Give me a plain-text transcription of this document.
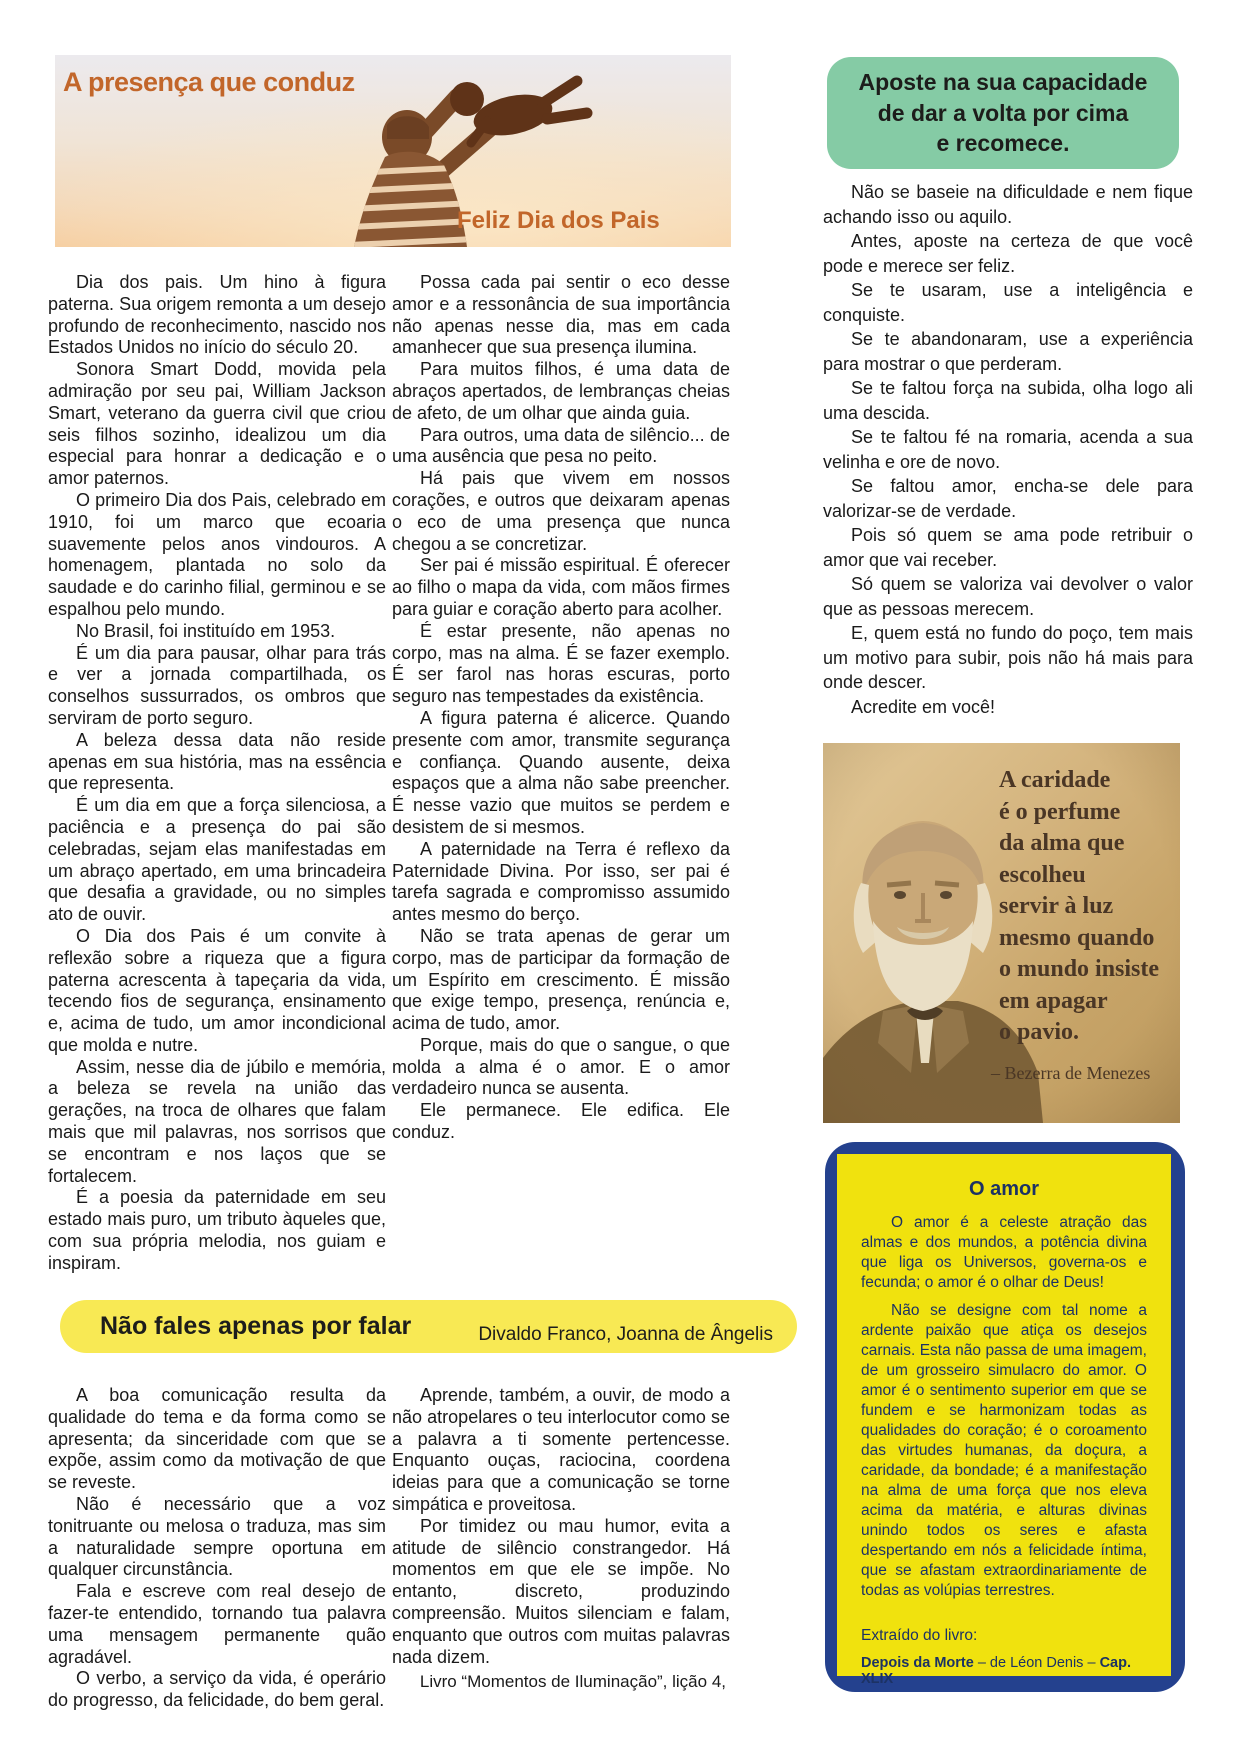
A presença que conduz
Feliz Dia dos Pais

Dia dos pais. Um hino à figura paterna. Sua origem remonta a um desejo profundo de reconhecimento, nascido nos Estados Unidos no início do século 20.

Sonora Smart Dodd, movida pela admiração por seu pai, William Jackson Smart, veterano da guerra civil que criou seis filhos sozinho, idealizou um dia especial para honrar a dedicação e o amor paternos.

O primeiro Dia dos Pais, celebrado em 1910, foi um marco que ecoaria suavemente pelos anos vindouros. A homenagem, plantada no solo da saudade e do carinho filial, germinou e se espalhou pelo mundo.

No Brasil, foi instituído em 1953.

É um dia para pausar, olhar para trás e ver a jornada compartilhada, os conselhos sussurrados, os ombros que serviram de porto seguro.

A beleza dessa data não reside apenas em sua história, mas na essência que representa.

É um dia em que a força silenciosa, a paciência e a presença do pai são celebradas, sejam elas manifestadas em um abraço apertado, em uma brincadeira que desafia a gravidade, ou no simples ato de ouvir.

O Dia dos Pais é um convite à reflexão sobre a riqueza que a figura paterna acrescenta à tapeçaria da vida, tecendo fios de segurança, ensinamento e, acima de tudo, um amor incondicional que molda e nutre.

Assim, nesse dia de júbilo e memória, a beleza se revela na união das gerações, na troca de olhares que falam mais que mil palavras, nos sorrisos que se encontram e nos laços que se fortalecem.

É a poesia da paternidade em seu estado mais puro, um tributo àqueles que, com sua própria melodia, nos guiam e inspiram.

Possa cada pai sentir o eco desse amor e a ressonância de sua importância não apenas nesse dia, mas em cada amanhecer que sua presença ilumina.

Para muitos filhos, é uma data de abraços apertados, de lembranças cheias de afeto, de um olhar que ainda guia.

Para outros, uma data de silêncio... de uma ausência que pesa no peito.

Há pais que vivem em nossos corações, e outros que deixaram apenas o eco de uma presença que nunca chegou a se concretizar.

Ser pai é missão espiritual. É oferecer ao filho o mapa da vida, com mãos firmes para guiar e coração aberto para acolher.

É estar presente, não apenas no corpo, mas na alma. É se fazer exemplo. É ser farol nas horas escuras, porto seguro nas tempestades da existência.

A figura paterna é alicerce. Quando presente com amor, transmite segurança e confiança. Quando ausente, deixa espaços que a alma não sabe preencher. É nesse vazio que muitos se perdem e desistem de si mesmos.

A paternidade na Terra é reflexo da Paternidade Divina. Por isso, ser pai é tarefa sagrada e compromisso assumido antes mesmo do berço.

Não se trata apenas de gerar um corpo, mas de participar da formação de um Espírito em crescimento. É missão que exige tempo, presença, renúncia e, acima de tudo, amor.

Porque, mais do que o sangue, o que molda a alma é o amor. E o amor verdadeiro nunca se ausenta.

Ele permanece. Ele edifica. Ele conduz.

Aposte na sua capacidade
de dar a volta por cima
e recomece.

Não se baseie na dificuldade e nem fique achando isso ou aquilo.

Antes, aposte na certeza de que você pode e merece ser feliz.

Se te usaram, use a inteligência e conquiste.

Se te abandonaram, use a experiência para mostrar o que perderam.

Se te faltou força na subida, olha logo ali uma descida.

Se te faltou fé na romaria, acenda a sua velinha e ore de novo.

Se faltou amor, encha-se dele para valorizar-se de verdade.

Pois só quem se ama pode retribuir o amor que vai receber.

Só quem se valoriza vai devolver o valor que as pessoas merecem.

E, quem está no fundo do poço, tem mais um motivo para subir, pois não há mais para onde descer.

Acredite em você!

A caridade
é o perfume
da alma que
escolheu
servir à luz
mesmo quando
o mundo insiste
em apagar
o pavio.
– Bezerra de Menezes

O amor

O amor é a celeste atração das almas e dos mundos, a potência divina que liga os Universos, governa-os e fecunda; o amor é o olhar de Deus!

Não se designe com tal nome a ardente paixão que atiça os desejos carnais. Esta não passa de uma imagem, de um grosseiro simulacro do amor. O amor é o sentimento superior em que se fundem e se harmonizam todas as qualidades do coração; é o coroamento das virtudes humanas, da doçura, a caridade, da bondade; é a manifestação na alma de uma força que nos eleva acima da matéria, e alturas divinas unindo todos os seres e afasta despertando em nós a felicidade íntima, que se afastam extraordinariamente de todas as volúpias terrestres.

Extraído do livro:
Depois da Morte – de Léon Denis – Cap. XLIX
Não fales apenas por falar	Divaldo Franco, Joanna de Ângelis

A boa comunicação resulta da qualidade do tema e da forma como se apresenta; da sinceridade com que se expõe, assim como da motivação de que se reveste.

Não é necessário que a voz tonitruante ou melosa o traduza, mas sim a naturalidade sempre oportuna em qualquer circunstância.

Fala e escreve com real desejo de fazer-te entendido, tornando tua palavra uma mensagem permanente quão agradável.

O verbo, a serviço da vida, é operário do progresso, da felicidade, do bem geral.

Aprende, também, a ouvir, de modo a não atropelares o teu interlocutor como se a palavra a ti somente pertencesse. Enquanto ouças, raciocina, coordena ideias para que a comunicação se torne simpática e proveitosa.

Por timidez ou mau humor, evita a atitude de silêncio constrangedor. Há momentos em que ele se impõe. No entanto, discreto, produzindo compreensão. Muitos silenciam e falam, enquanto que outros com muitas palavras nada dizem.

Livro “Momentos de Iluminação”, lição 4,
